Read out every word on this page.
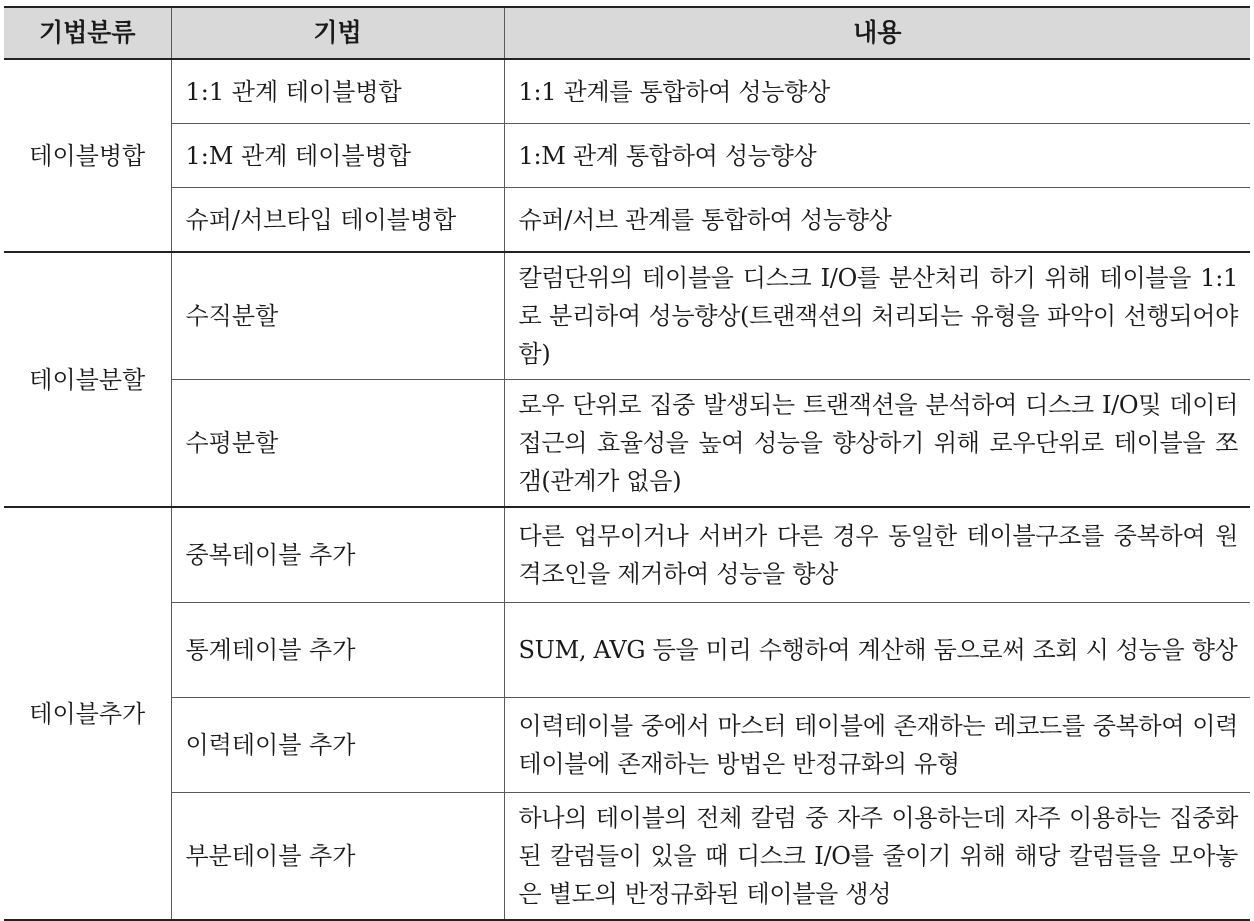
기법분류	기법	내용
테이블병합	1:1 관계 테이블병합	1:1 관계를 통합하여 성능향상
	1:M 관계 테이블병합	1:M 관계 통합하여 성능향상
	슈퍼/서브타입 테이블병합	슈퍼/서브 관계를 통합하여 성능향상
테이블분할	수직분할	칼럼단위의 테이블을 디스크 I/O를 분산처리 하기 위해 테이블을 1:1로 분리하여 성능향상(트랜잭션의 처리되는 유형을 파악이 선행되어야 함)
	수평분할	로우 단위로 집중 발생되는 트랜잭션을 분석하여 디스크 I/O및 데이터접근의 효율성을 높여 성능을 향상하기 위해 로우단위로 테이블을 쪼갬(관계가 없음)
테이블추가	중복테이블 추가	다른 업무이거나 서버가 다른 경우 동일한 테이블구조를 중복하여 원격조인을 제거하여 성능을 향상
	통계테이블 추가	SUM, AVG 등을 미리 수행하여 계산해 둠으로써 조회 시 성능을 향상
	이력테이블 추가	이력테이블 중에서 마스터 테이블에 존재하는 레코드를 중복하여 이력테이블에 존재하는 방법은 반정규화의 유형
	부분테이블 추가	하나의 테이블의 전체 칼럼 중 자주 이용하는데 자주 이용하는 집중화된 칼럼들이 있을 때 디스크 I/O를 줄이기 위해 해당 칼럼들을 모아놓은 별도의 반정규화된 테이블을 생성
